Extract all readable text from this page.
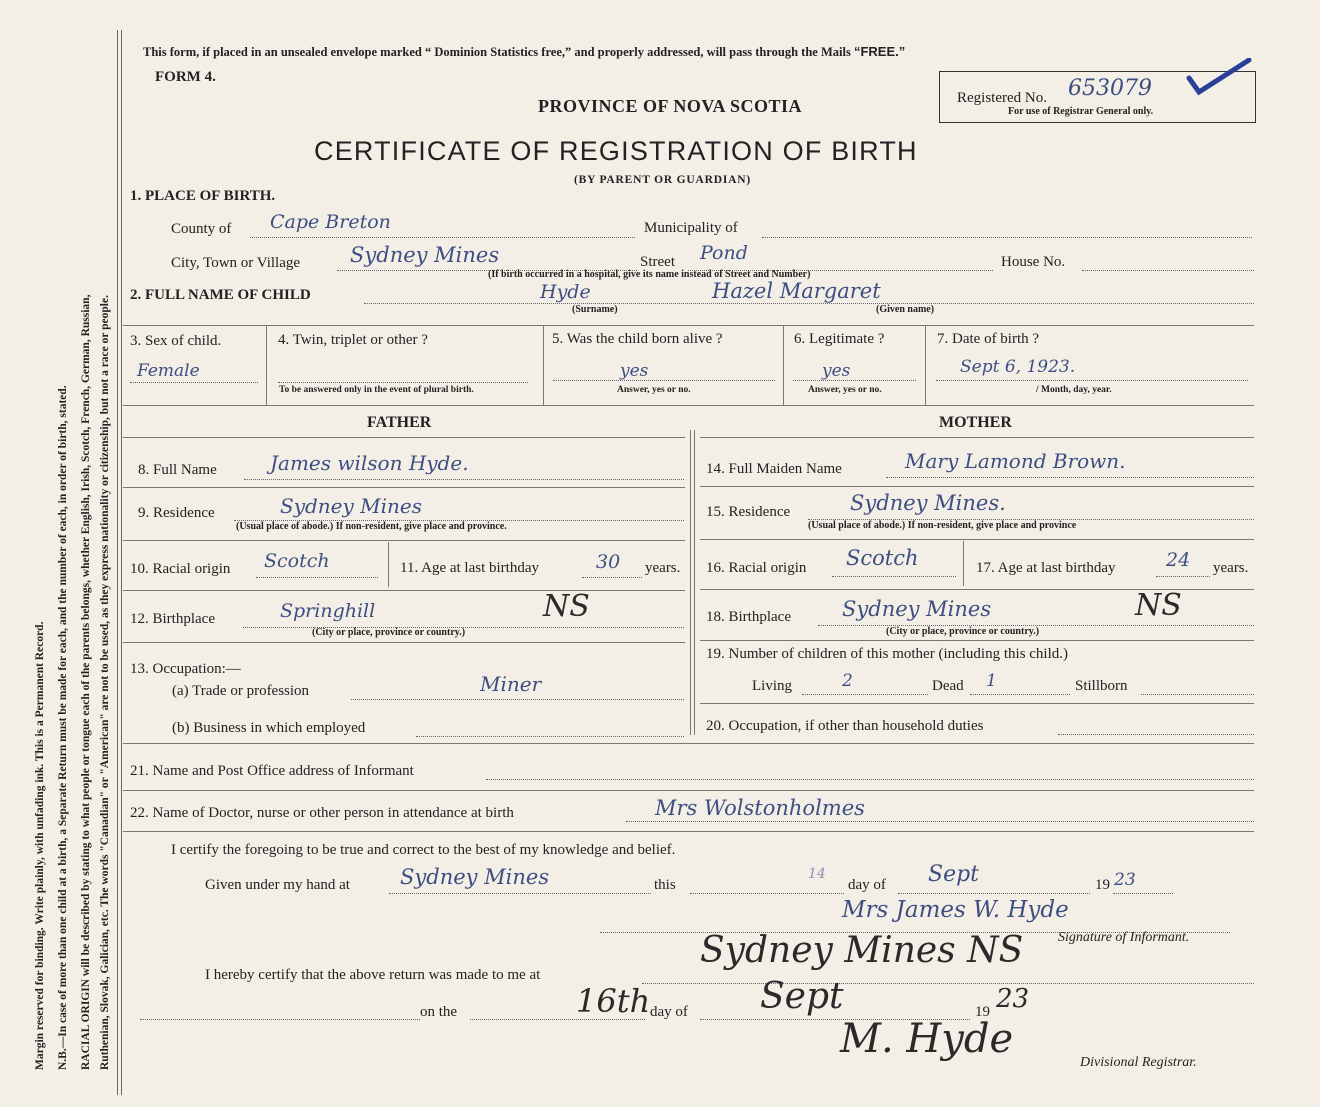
Margin reserved for binding. Write plainly, with unfading ink. This is a Permanent Record. N.B.—In case of more than one child at a birth, a Separate Return must be made for each, and the number of each, in order of birth, stated. RACIAL ORIGIN will be described by stating to what people or tongue each of the parents belongs, whether English, Irish, Scotch, French, German, Russian, Ruthenian, Slovak, Galician, etc. The words "Canadian" or "American" are not to be used, as they express nationality or citizenship, but not a race or people.
This form, if placed in an unsealed envelope marked “ Dominion Statistics free,” and properly addressed, will pass through the Mails “FREE.”
FORM 4.
PROVINCE OF NOVA SCOTIA
CERTIFICATE OF REGISTRATION OF BIRTH
(BY PARENT OR GUARDIAN)
Registered No. 653079
For use of Registrar General only.
1. PLACE OF BIRTH.
County of Cape Breton	Municipality of
City, Town or Village Sydney Mines	Street Pond	House No.
(If birth occurred in a hospital, give its name instead of Street and Number)
2. FULL NAME OF CHILD	Hyde	Hazel Margaret
(Surname)	(Given name)
3. Sex of child.
Female
4. Twin, triplet or other ?
To be answered only in the event of plural birth.
5. Was the child born alive ?
yes
Answer, yes or no.
6. Legitimate ?
yes
Answer, yes or no.
7. Date of birth ?
Sept 6, 1923.
/ Month, day, year.
FATHER	MOTHER
8. Full Name	James wilson Hyde.
9. Residence	Sydney Mines
(Usual place of abode.) If non-resident, give place and province.
10. Racial origin Scotch	11. Age at last birthday	30 years.
12. Birthplace	Springhill	NS
(City or place, province or country.)
13. Occupation:—
(a) Trade or profession	Miner
(b) Business in which employed
14. Full Maiden Name	Mary Lamond Brown.
15. Residence	Sydney Mines.
(Usual place of abode.) If non-resident, give place and province
16. Racial origin Scotch	17. Age at last birthday	24 years.
18. Birthplace Sydney Mines	NS
(City or place, province or country.)
19. Number of children of this mother (including this child.)
Living	2	Dead 1	Stillborn
20. Occupation, if other than household duties
21. Name and Post Office address of Informant
22. Name of Doctor, nurse or other person in attendance at birth	Mrs Wolstonholmes
I certify the foregoing to be true and correct to the best of my knowledge and belief.
Given under my hand at Sydney Mines	this
14
day of Sept	19 23
Mrs James W. Hyde
Signature of Informant.
I hereby certify that the above return was made to me at
Sydney Mines NS
on the	16th day of Sept	19 23
M. Hyde
Divisional Registrar.
